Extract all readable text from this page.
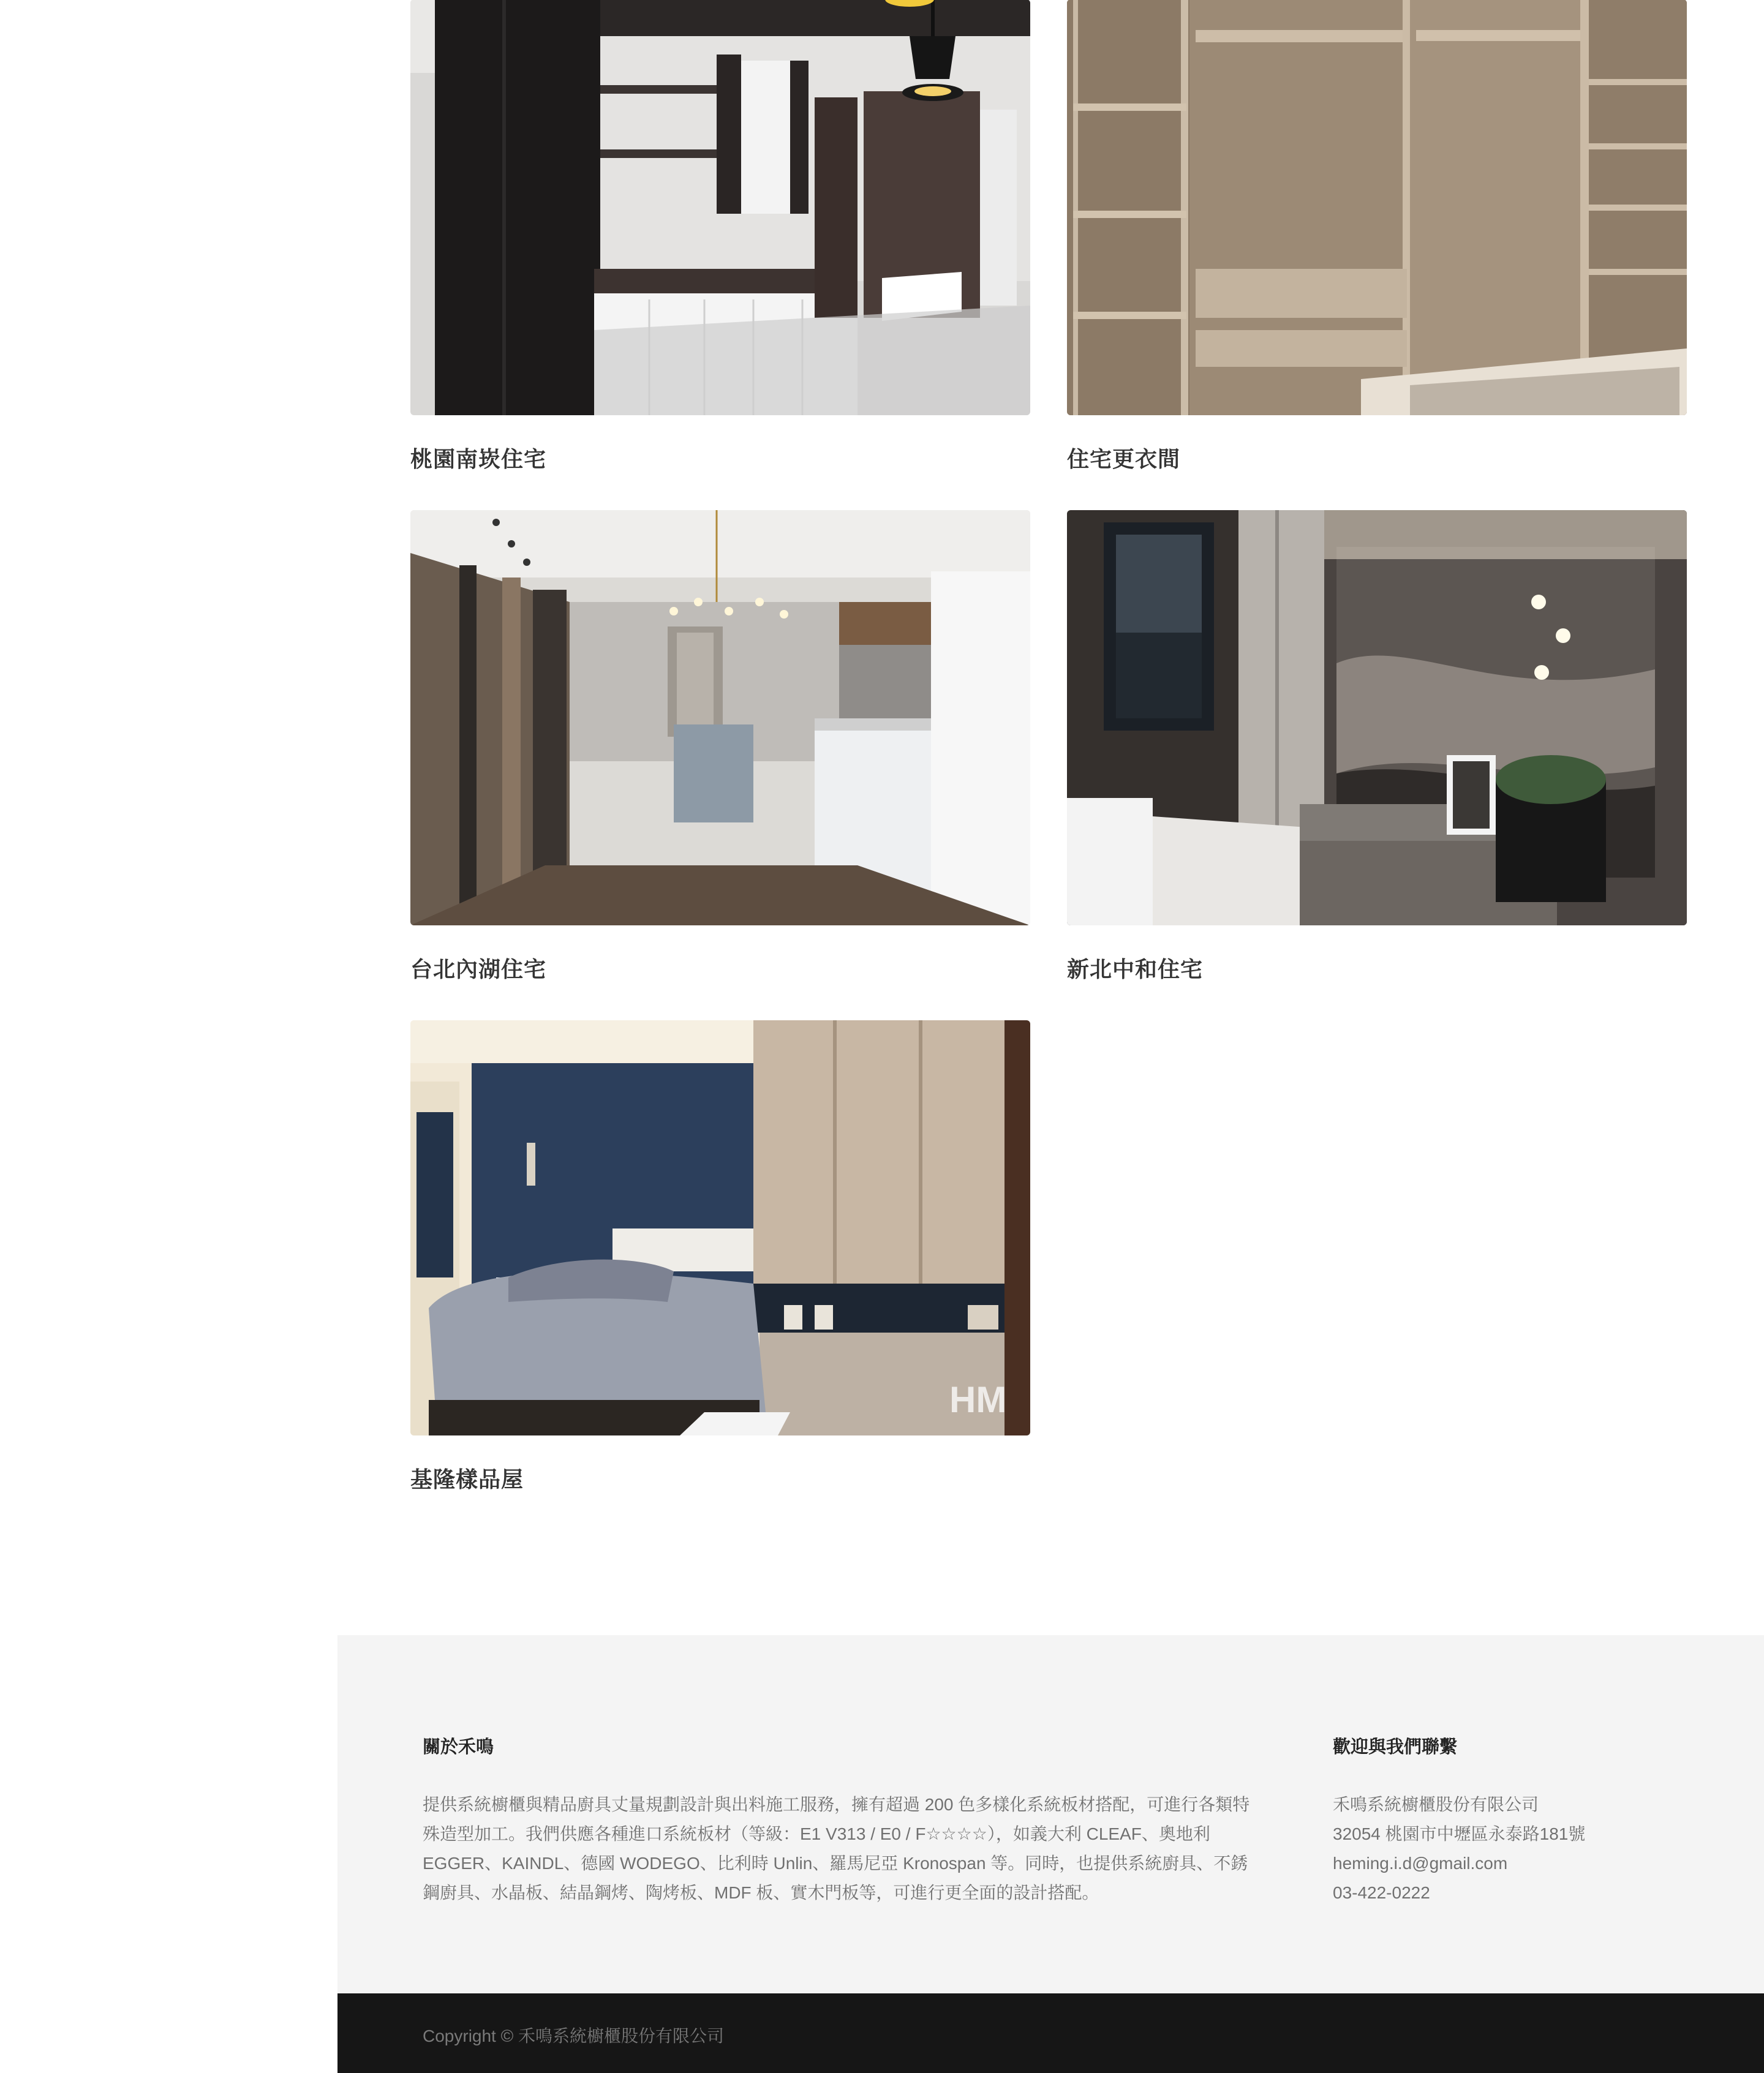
桃園南崁住宅	住宅更衣間
台北內湖住宅	新北中和住宅
HM
基隆樣品屋
關於禾鳴
提供系統櫥櫃與精品廚具丈量規劃設計與出料施工服務，擁有超過 200 色多樣化系統板材搭配，可進行各類特殊造型加工。我們供應各種進口系統板材（等級：E1 V313 / E0 / F☆☆☆☆），如義大利 CLEAF、奧地利 EGGER、KAINDL、德國 WODEGO、比利時 Unlin、羅馬尼亞 Kronospan 等。同時，也提供系統廚具、不銹鋼廚具、水晶板、結晶鋼烤、陶烤板、MDF 板、實木門板等，可進行更全面的設計搭配。
歡迎與我們聯繫
禾鳴系統櫥櫃股份有限公司
32054 桃園市中壢區永泰路181號
heming.i.d@gmail.com
03-422-0222
Copyright © 禾鳴系統櫥櫃股份有限公司
